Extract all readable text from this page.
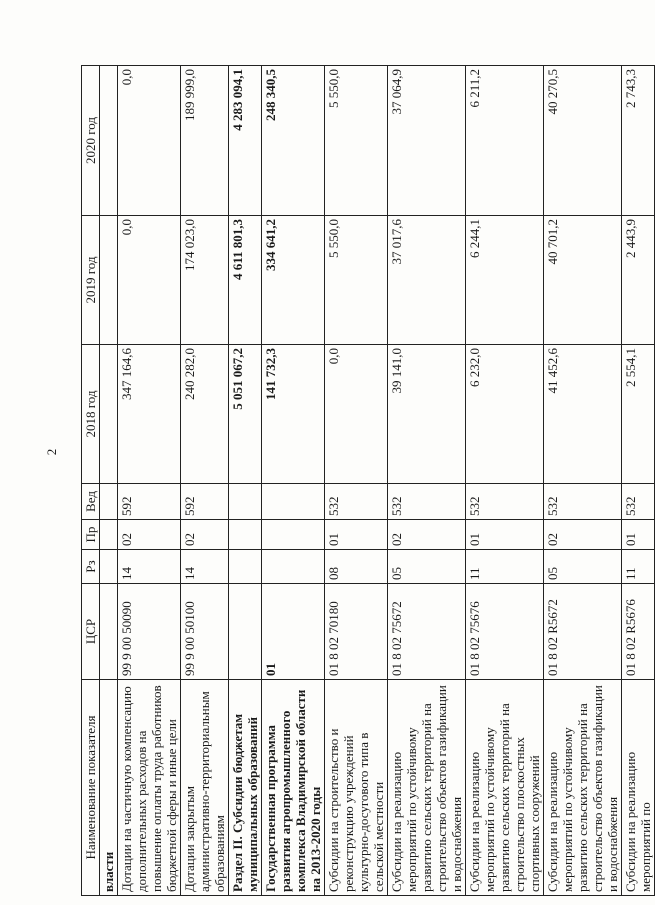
2
Наименование показателя	ЦСР	Рз	Пр	Вед	2018 год	2019 год	2020 год
власти							
Дотации на частичную компенсацию дополнительных расходов на повышение оплаты труда работников бюджетной сферы и иные цели	99 9 00 50090	14	02	592	347 164,6	0,0	0,0
Дотации закрытым административно-территориальным образованиям	99 9 00 50100	14	02	592	240 282,0	174 023,0	189 999,0
Раздел II. Субсидии бюджетам муниципальных образований					5 051 067,2	4 611 801,3	4 283 094,1
Государственная программа развития агропромышленного комплекса Владимирской области на 2013-2020 годы	01				141 732,3	334 641,2	248 340,5
Субсидии на строительство и реконструкцию учреждений культурно-досугового типа в сельской местности	01 8 02 70180	08	01	532	0,0	5 550,0	5 550,0
Субсидии на реализацию мероприятий по устойчивому развитию сельских территорий на строительство объектов газификации и водоснабжения	01 8 02 75672	05	02	532	39 141,0	37 017,6	37 064,9
Субсидии на реализацию мероприятий по устойчивому развитию сельских территорий на строительство плоскостных спортивных сооружений	01 8 02 75676	11	01	532	6 232,0	6 244,1	6 211,2
Субсидии на реализацию мероприятий по устойчивому развитию сельских территорий на строительство объектов газификации и водоснабжения	01 8 02 R5672	05	02	532	41 452,6	40 701,2	40 270,5
Субсидии на реализацию мероприятий по	01 8 02 R5676	11	01	532	2 554,1	2 443,9	2 743,3
